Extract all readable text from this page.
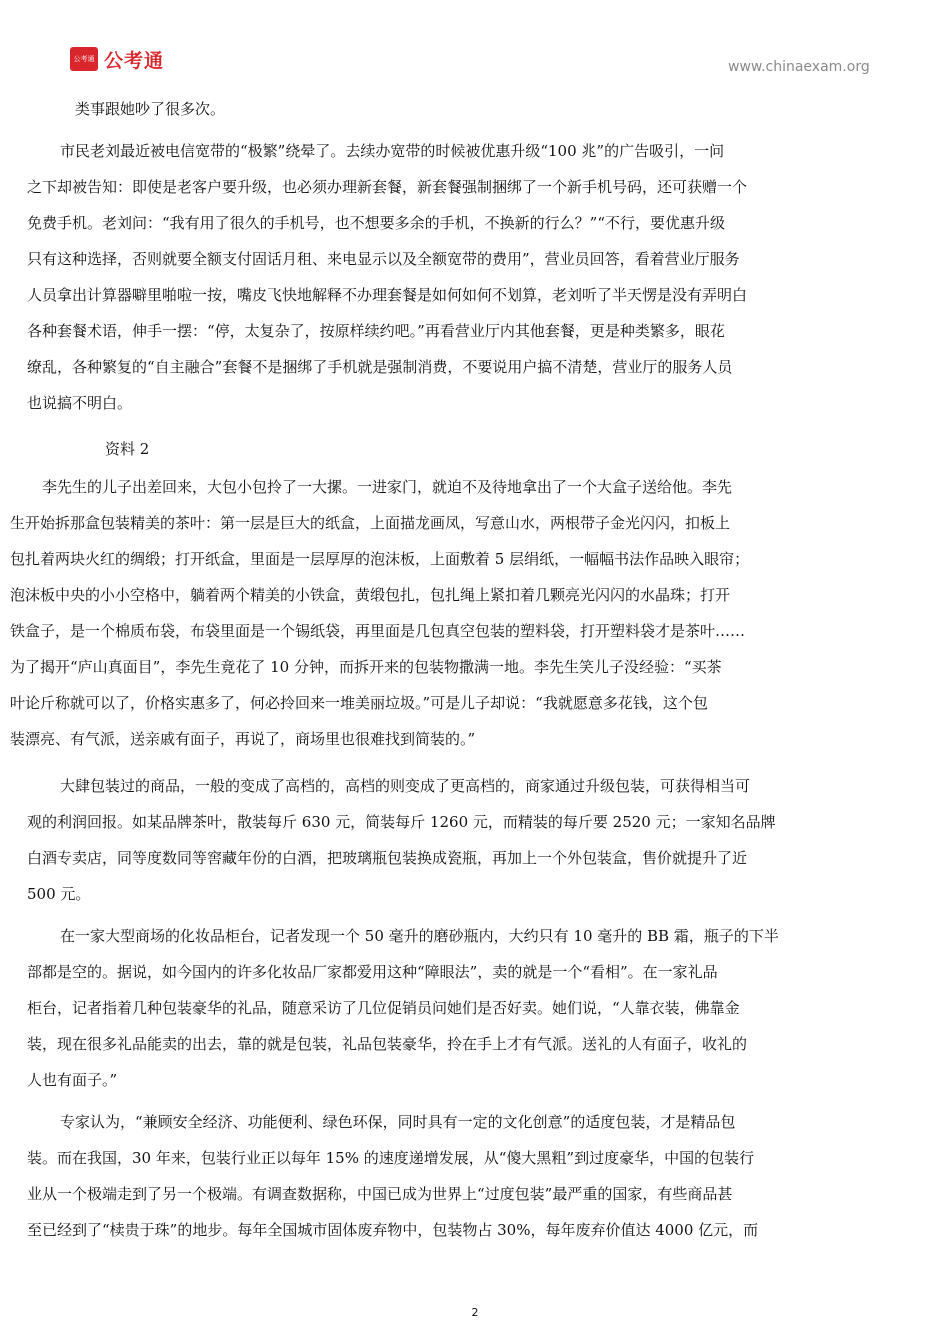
公考通 公考通	www.chinaexam.org
类事跟她吵了很多次。
市民老刘最近被电信宽带的“极繁”绕晕了。去续办宽带的时候被优惠升级“100 兆”的广告吸引，一问
之下却被告知：即使是老客户要升级，也必须办理新套餐，新套餐强制捆绑了一个新手机号码，还可获赠一个
免费手机。老刘问：“我有用了很久的手机号，也不想要多余的手机，不换新的行么？”“不行，要优惠升级
只有这种选择，否则就要全额支付固话月租、来电显示以及全额宽带的费用”，营业员回答，看着营业厅服务
人员拿出计算器噼里啪啦一按，嘴皮飞快地解释不办理套餐是如何如何不划算，老刘听了半天愣是没有弄明白
各种套餐术语，伸手一摆：“停，太复杂了，按原样续约吧。”再看营业厅内其他套餐，更是种类繁多，眼花
缭乱，各种繁复的“自主融合”套餐不是捆绑了手机就是强制消费，不要说用户搞不清楚，营业厅的服务人员
也说搞不明白。
资料 2
李先生的儿子出差回来，大包小包拎了一大摞。一进家门，就迫不及待地拿出了一个大盒子送给他。李先
生开始拆那盒包装精美的茶叶：第一层是巨大的纸盒，上面描龙画凤，写意山水，两根带子金光闪闪，扣板上
包扎着两块火红的绸缎；打开纸盒，里面是一层厚厚的泡沫板，上面敷着 5 层绢纸，一幅幅书法作品映入眼帘；
泡沫板中央的小小空格中，躺着两个精美的小铁盒，黄缎包扎，包扎绳上紧扣着几颗亮光闪闪的水晶珠；打开
铁盒子，是一个棉质布袋，布袋里面是一个锡纸袋，再里面是几包真空包装的塑料袋，打开塑料袋才是茶叶……
为了揭开“庐山真面目”，李先生竟花了 10 分钟，而拆开来的包装物撒满一地。李先生笑儿子没经验：“买茶
叶论斤称就可以了，价格实惠多了，何必拎回来一堆美丽垃圾。”可是儿子却说：“我就愿意多花钱，这个包
装漂亮、有气派，送亲戚有面子，再说了，商场里也很难找到简装的。”
大肆包装过的商品，一般的变成了高档的，高档的则变成了更高档的，商家通过升级包装，可获得相当可
观的利润回报。如某品牌茶叶，散装每斤 630 元，简装每斤 1260 元，而精装的每斤要 2520 元；一家知名品牌
白酒专卖店，同等度数同等窖藏年份的白酒，把玻璃瓶包装换成瓷瓶，再加上一个外包装盒，售价就提升了近
500 元。
在一家大型商场的化妆品柜台，记者发现一个 50 毫升的磨砂瓶内，大约只有 10 毫升的 BB 霜，瓶子的下半
部都是空的。据说，如今国内的许多化妆品厂家都爱用这种“障眼法”，卖的就是一个“看相”。在一家礼品
柜台，记者指着几种包装豪华的礼品，随意采访了几位促销员问她们是否好卖。她们说，“人靠衣装，佛靠金
装，现在很多礼品能卖的出去，靠的就是包装，礼品包装豪华，拎在手上才有气派。送礼的人有面子，收礼的
人也有面子。”
专家认为，“兼顾安全经济、功能便利、绿色环保，同时具有一定的文化创意”的适度包装，才是精品包
装。而在我国，30 年来，包装行业正以每年 15% 的速度递增发展，从“傻大黑粗”到过度豪华，中国的包装行
业从一个极端走到了另一个极端。有调查数据称，中国已成为世界上“过度包装”最严重的国家，有些商品甚
至已经到了“椟贵于珠”的地步。每年全国城市固体废弃物中，包装物占 30%，每年废弃价值达 4000 亿元，而
2
